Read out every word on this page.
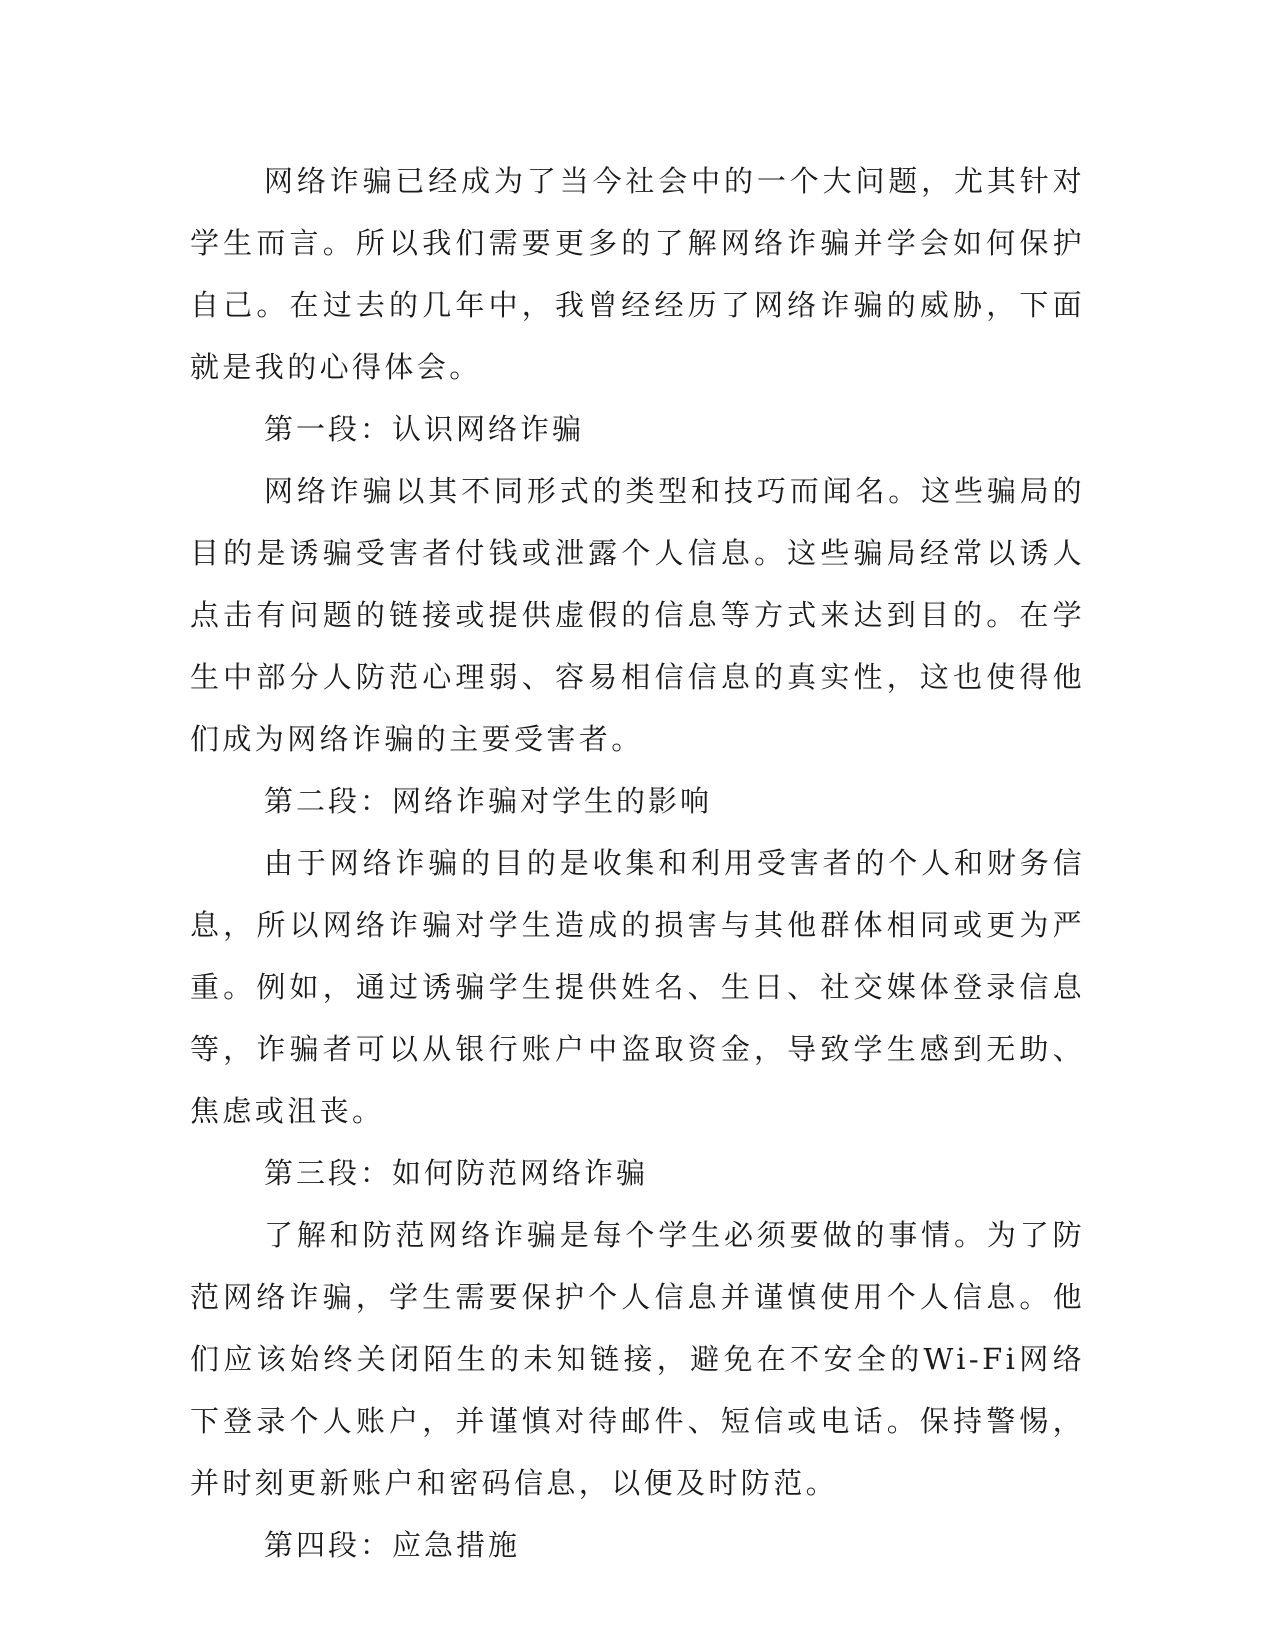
网络诈骗已经成为了当今社会中的一个大问题，尤其针对学生而言。所以我们需要更多的了解网络诈骗并学会如何保护自己。在过去的几年中，我曾经经历了网络诈骗的威胁，下面就是我的心得体会。

第一段：认识网络诈骗

网络诈骗以其不同形式的类型和技巧而闻名。这些骗局的目的是诱骗受害者付钱或泄露个人信息。这些骗局经常以诱人点击有问题的链接或提供虚假的信息等方式来达到目的。在学生中部分人防范心理弱、容易相信信息的真实性，这也使得他们成为网络诈骗的主要受害者。

第二段：网络诈骗对学生的影响

由于网络诈骗的目的是收集和利用受害者的个人和财务信息，所以网络诈骗对学生造成的损害与其他群体相同或更为严重。例如，通过诱骗学生提供姓名、生日、社交媒体登录信息等，诈骗者可以从银行账户中盗取资金，导致学生感到无助、焦虑或沮丧。

第三段：如何防范网络诈骗

了解和防范网络诈骗是每个学生必须要做的事情。为了防范网络诈骗，学生需要保护个人信息并谨慎使用个人信息。他们应该始终关闭陌生的未知链接，避免在不安全的Wi-Fi网络下登录个人账户，并谨慎对待邮件、短信或电话。保持警惕，并时刻更新账户和密码信息，以便及时防范。

第四段：应急措施
